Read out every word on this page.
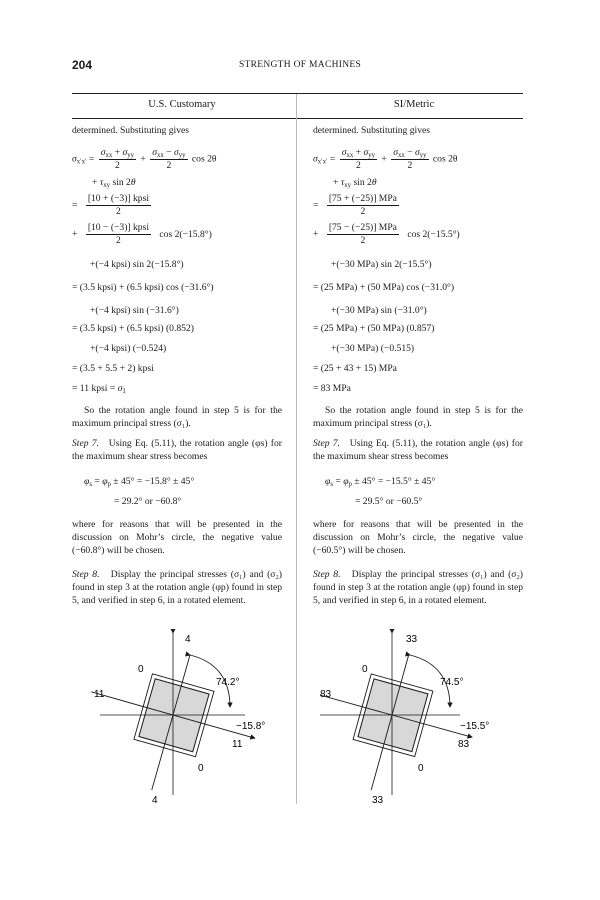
204	STRENGTH OF MACHINES
U.S. Customary	SI/Metric
determined. Substituting gives
$\sigma_{x'x'} = \frac{\sigma_{xx} + \sigma_{yy}}{2} + \frac{\sigma_{xx} - \sigma_{yy}}{2}$ cos 2θ
+ $\tau_{xy}$ sin 2θ
= $\frac{\text{[10 + (−3)] kpsi}}{2}$
+ $\frac{\text{[10 − (−3)] kpsi}}{2}$ cos 2(−15.8°)
+(−4 kpsi) sin 2(−15.8°)
= (3.5 kpsi) + (6.5 kpsi) cos (−31.6°)
+(−4 kpsi) sin (−31.6°)
= (3.5 kpsi) + (6.5 kpsi) (0.852)
+(−4 kpsi) (−0.524)
= (3.5 + 5.5 + 2) kpsi
= 11 kpsi = $\sigma_1$
So the rotation angle found in step 5 is for the maximum principal stress (σ₁).
Step 7. Using Eq. (5.11), the rotation angle (φs) for the maximum shear stress becomes
$\varphi_s = \varphi_p \pm 45^\circ = -15.8^\circ \pm 45^\circ$
= 29.2° or −60.8°
where for reasons that will be presented in the discussion on Mohr’s circle, the negative value (−60.8°) will be chosen.
Step 8. Display the principal stresses (σ₁) and (σ₂) found in step 3 at the rotation angle (φp) found in step 5, and verified in step 6, in a rotated element.
determined. Substituting gives
$\sigma_{x'x'} = \frac{\sigma_{xx} + \sigma_{yy}}{2} + \frac{\sigma_{xx} - \sigma_{yy}}{2}$ cos 2θ
+ $\tau_{xy}$ sin 2θ
= $\frac{\text{[75 + (−25)] MPa}}{2}$
+ $\frac{\text{[75 − (−25)] MPa}}{2}$ cos 2(−15.5°)
+(−30 MPa) sin 2(−15.5°)
= (25 MPa) + (50 MPa) cos (−31.0°)
+(−30 MPa) sin (−31.0°)
= (25 MPa) + (50 MPa) (0.857)
+(−30 MPa) (−0.515)
= (25 + 43 + 15) MPa
= 83 MPa
So the rotation angle found in step 5 is for the maximum principal stress (σ₁).
Step 7. Using Eq. (5.11), the rotation angle (φs) for the maximum shear stress becomes
$\varphi_s = \varphi_p \pm 45^\circ = -15.5^\circ \pm 45^\circ$
= 29.5° or −60.5°
where for reasons that will be presented in the discussion on Mohr’s circle, the negative value (−60.5°) will be chosen.
Step 8. Display the principal stresses (σ₁) and (σ₂) found in step 3 at the rotation angle (φp) found in step 5, and verified in step 6, in a rotated element.
4
4
11
11
0
0
74.2°
−15.8°
33
33
83
83
0
0
74.5°
−15.5°
